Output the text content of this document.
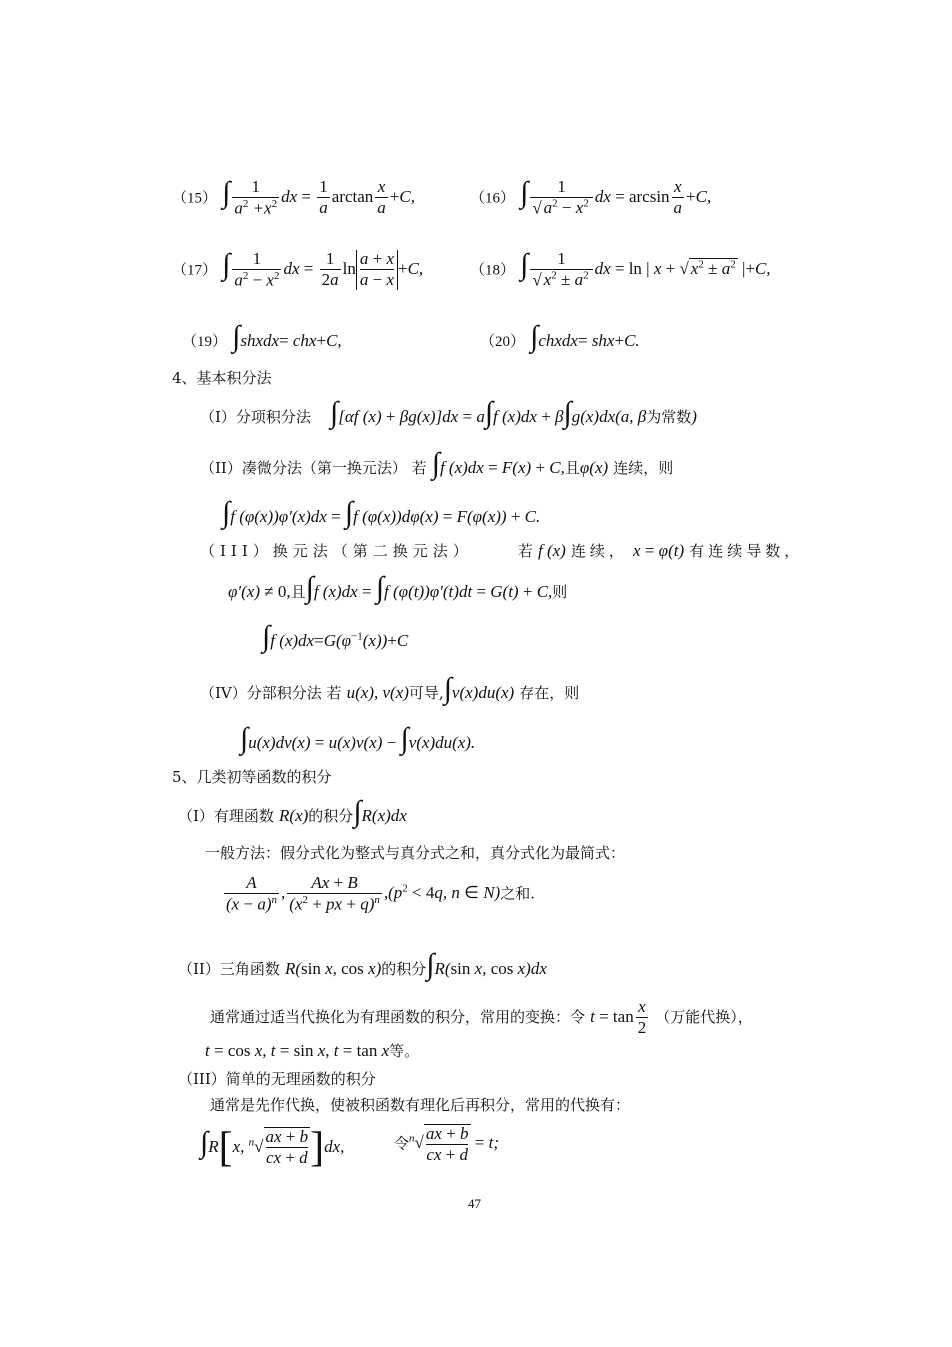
（15） ∫ $\frac{1}{a^2 +x^2}$ dx = $\frac{1}{a}$ $\arctan \frac{x}{a} +C$,	（16） ∫ $\frac{1}{√ a^2 - x^2}$ dx = $\arcsin \frac{x}{a} +C$,
（17） ∫ $\frac{1}{a^2 - x^2}$ dx = $\frac{1}{2a}$ $\ln \frac{a + x}{a - x} +C$,	（18） ∫ $\frac{1}{√ x^2 \pm a^2}$ dx = ln | x + √ $x^2 \pm a^2$ |+C,
（19） ∫shxdx= chx+C,	（20） ∫chxdx= shx+C.
4、基本积分法
（I）分项积分法 ∫[αf (x) + βg(x)]dx = a∫f (x)dx + β∫g(x)dx(a, β为常数)
（II）凑微分法（第一换元法） 若 ∫f (x)dx = F(x) + C,且φ(x) 连续，则
∫f (φ(x))φ′(x)dx = ∫f (φ(x))dφ(x) = F(φ(x)) + C.
（III）换元法（第二换元法）	若 f (x) 连续， x = φ(t) 有连续导数，
φ′(x) ≠ 0,且∫f (x)dx = ∫f (φ(t))φ′(t)dt = G(t) + C,则
∫f $(x)dx=G(\varphi^{-1}(x))+C$
（IV）分部积分法 若 u(x), v(x)可导,∫v(x)du(x) 存在，则
∫u(x)dv(x) = u(x)v(x) − ∫v(x)du(x).
5、几类初等函数的积分
（I）有理函数 R(x)的积分∫R(x)dx
一般方法：假分式化为整式与真分式之和，真分式化为最简式：
$\frac{A}{(x - a)^n}$ , $\frac{Ax + B}{(x^2 + px + q)^n} ,(p^2 < 4q$, n ∈ N)之和.
（II）三角函数 R(sin x, cos x)的积分∫R(sin x, cos x)dx
通常通过适当代换化为有理函数的积分，常用的变换：令 $t = \tan \frac{x}{2}$ （万能代换），
t = cos x, t = sin x, t = tan x等。
（III）简单的无理函数的积分
通常是先作代换，使被积函数有理化后再积分，常用的代换有：
∫R[x, $^n√ \frac{ax + b}{cx + d} ]dx$,	令$^n√ \frac{ax + b}{cx + d} = t$;
47
